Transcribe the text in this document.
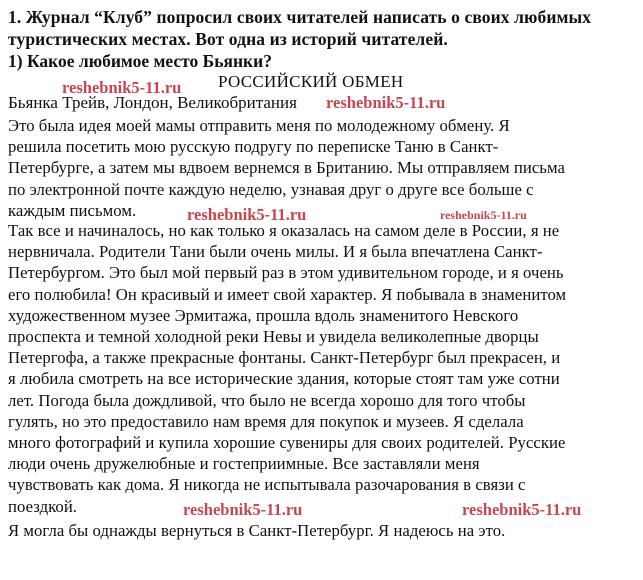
1. Журнал “Клуб” попросил своих читателей написать о своих любимых
туристических местах. Вот одна из историй читателей.
1) Какое любимое место Бьянки?
РОССИЙСКИЙ ОБМЕН
Бьянка Трейв, Лондон, Великобритания
Это была идея моей мамы отправить меня по молодежному обмену. Я
решила посетить мою русскую подругу по переписке Таню в Санкт-
Петербурге, а затем мы вдвоем вернемся в Британию. Мы отправляем письма
по электронной почте каждую неделю, узнавая друг о друге все больше с
каждым письмом.
Так все и начиналось, но как только я оказалась на самом деле в России, я не
нервничала. Родители Тани были очень милы. И я была впечатлена Санкт-
Петербургом. Это был мой первый раз в этом удивительном городе, и я очень
его полюбила! Он красивый и имеет свой характер. Я побывала в знаменитом
художественном музее Эрмитажа, прошла вдоль знаменитого Невского
проспекта и темной холодной реки Невы и увидела великолепные дворцы
Петергофа, а также прекрасные фонтаны. Санкт-Петербург был прекрасен, и
я любила смотреть на все исторические здания, которые стоят там уже сотни
лет. Погода была дождливой, что было не всегда хорошо для того чтобы
гулять, но это предоставило нам время для покупок и музеев. Я сделала
много фотографий и купила хорошие сувениры для своих родителей. Русские
люди очень дружелюбные и гостеприимные. Все заставляли меня
чувствовать как дома. Я никогда не испытывала разочарования в связи с
поездкой.
Я могла бы однажды вернуться в Санкт-Петербург. Я надеюсь на это.
reshebnik5-11.ru
reshebnik5-11.ru
reshebnik5-11.ru	reshebnik5-11.ru
reshebnik5-11.ru	reshebnik5-11.ru
